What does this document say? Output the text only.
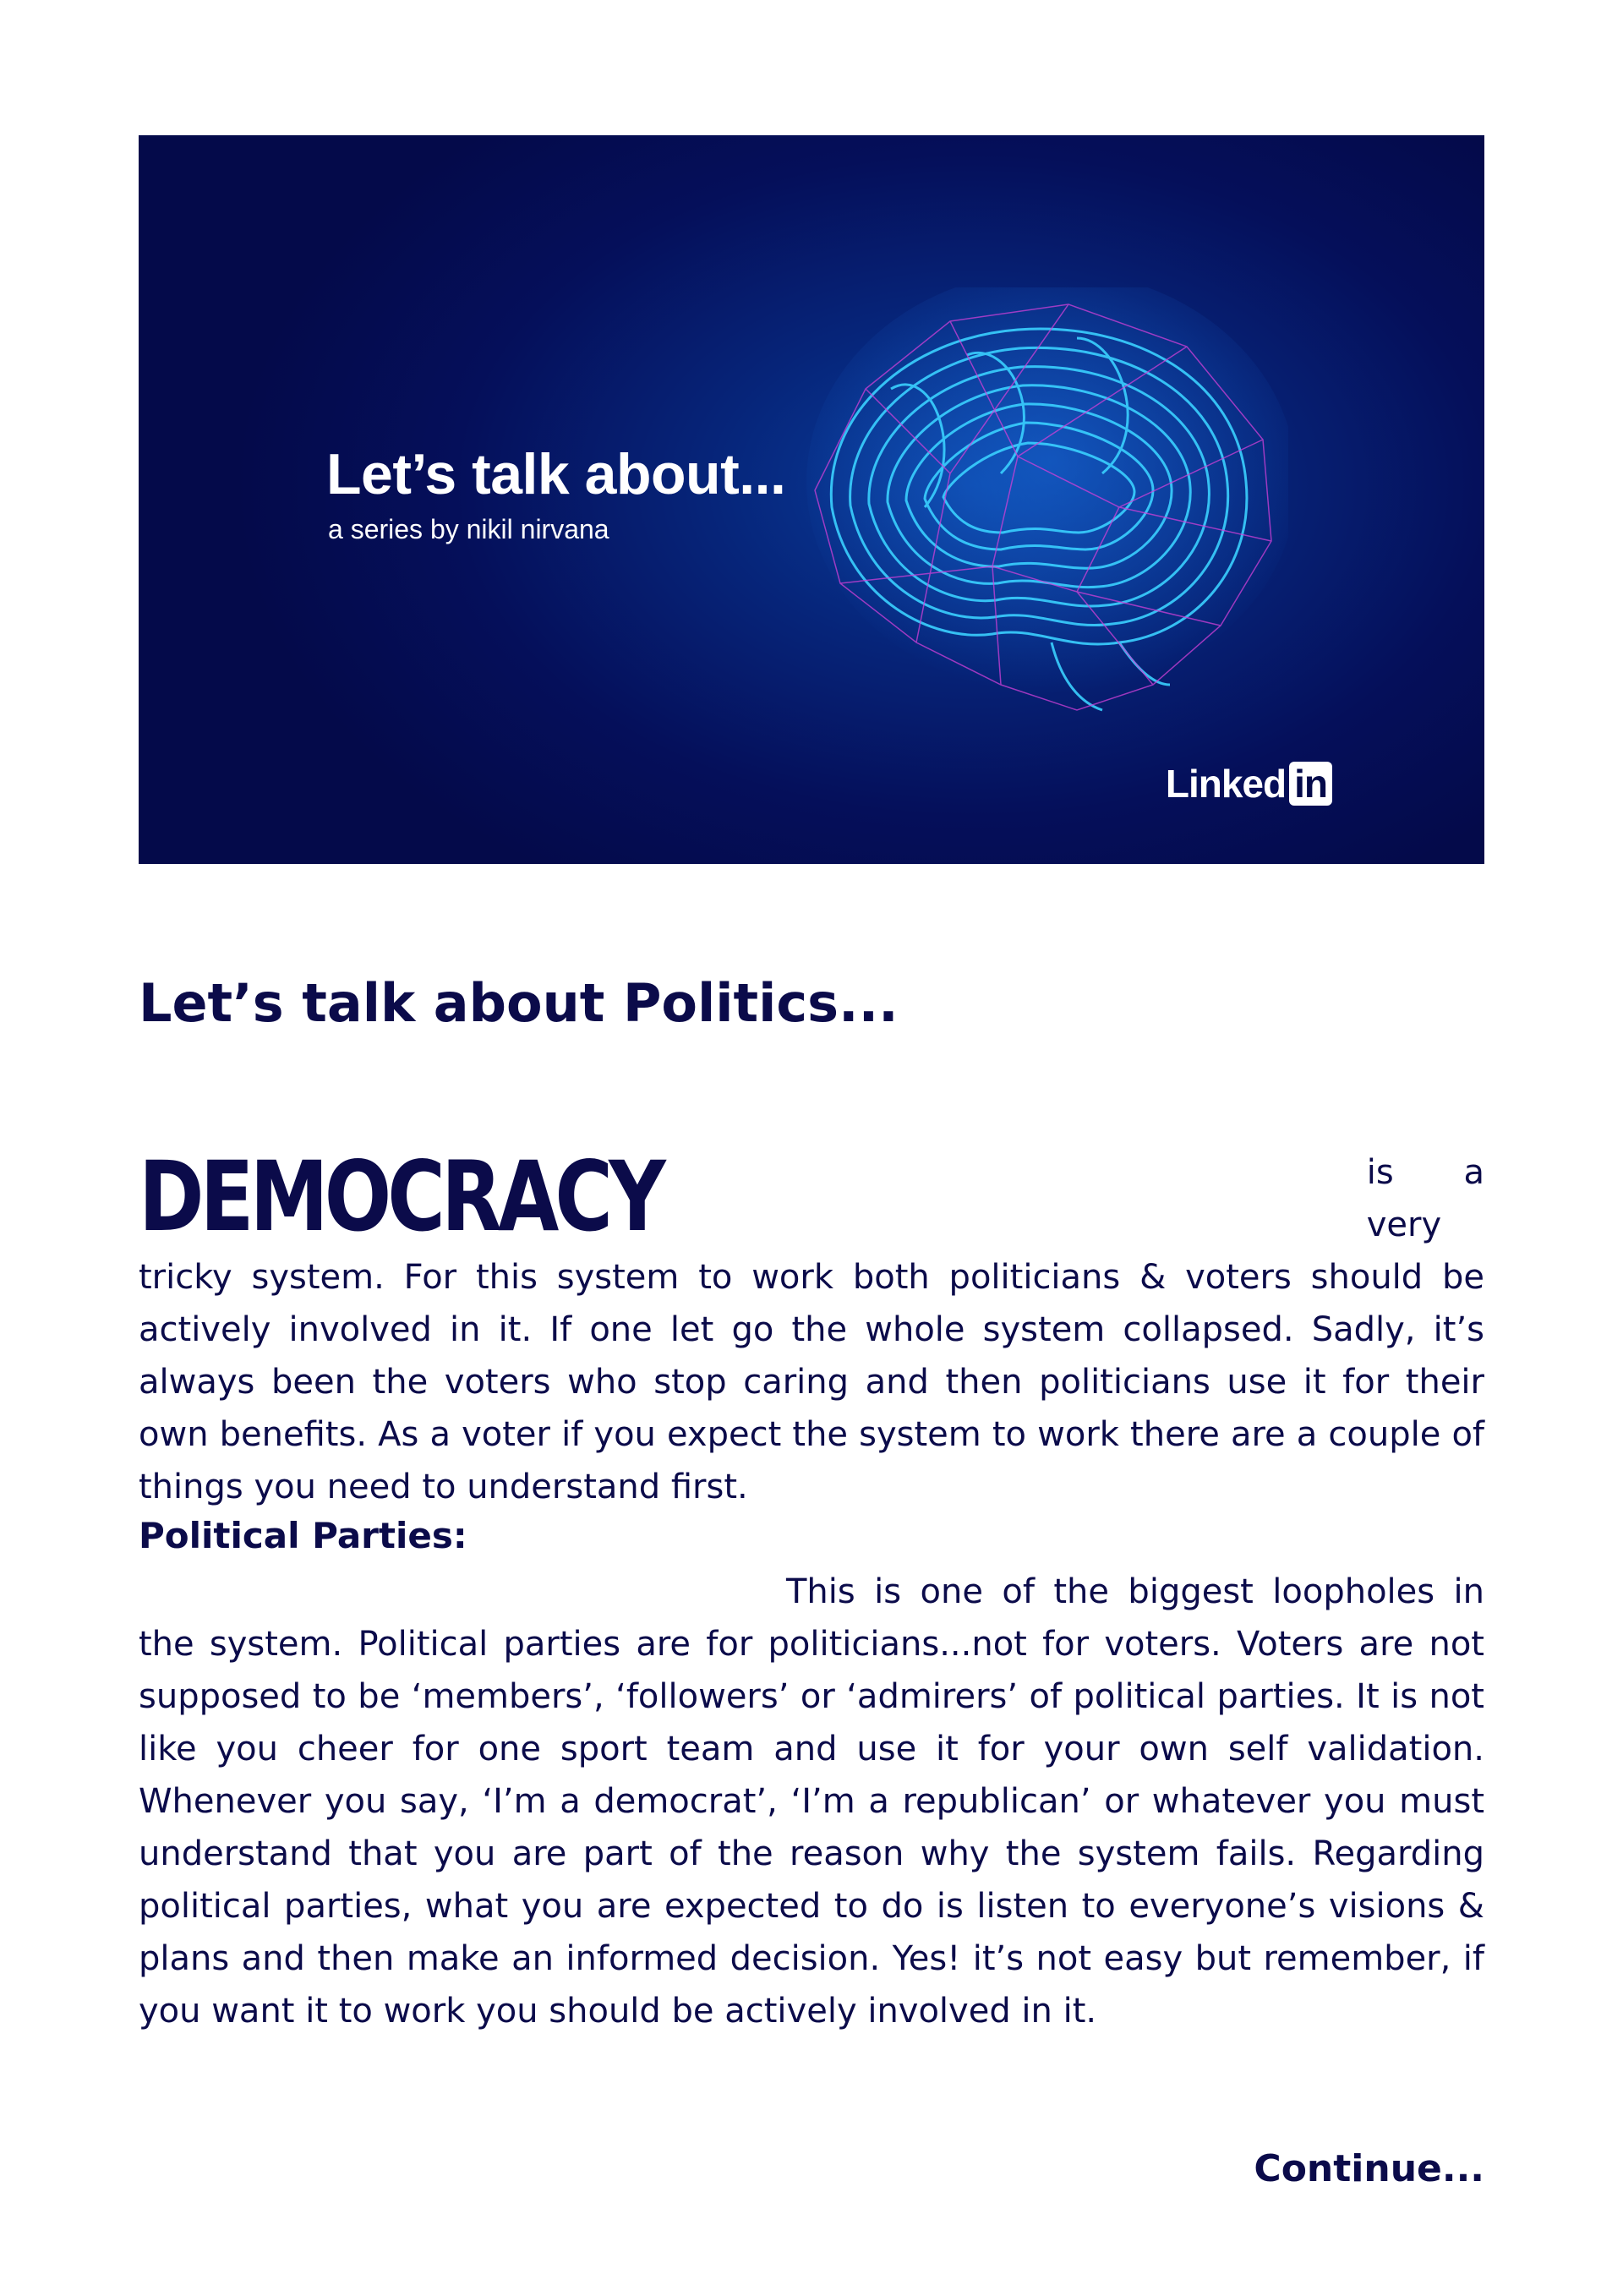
Let’s talk about...
a series by nikil nirvana
Linked in
Let’s talk about Politics...
DEMOCRACY	is a very tricky system. For this system to work both politicians & voters should be actively involved in it. If one let go the whole system collapsed. Sadly, it’s always been the voters who stop caring and then politicians use it for their own benefits. As a voter if you expect the system to work there are a couple of things you need to understand first.
Political Parties:

This is one of the biggest loopholes in the system. Political parties are for politicians...not for voters. Voters are not supposed to be ‘members’, ‘followers’ or ‘admirers’ of political parties. It is not like you cheer for one sport team and use it for your own self validation. Whenever you say, ‘I’m a democrat’, ‘I’m a republican’ or whatever you must understand that you are part of the reason why the system fails. Regarding political parties, what you are expected to do is listen to everyone’s visions & plans and then make an informed decision. Yes! it’s not easy but remember, if you want it to work you should be actively involved in it.

Continue...
